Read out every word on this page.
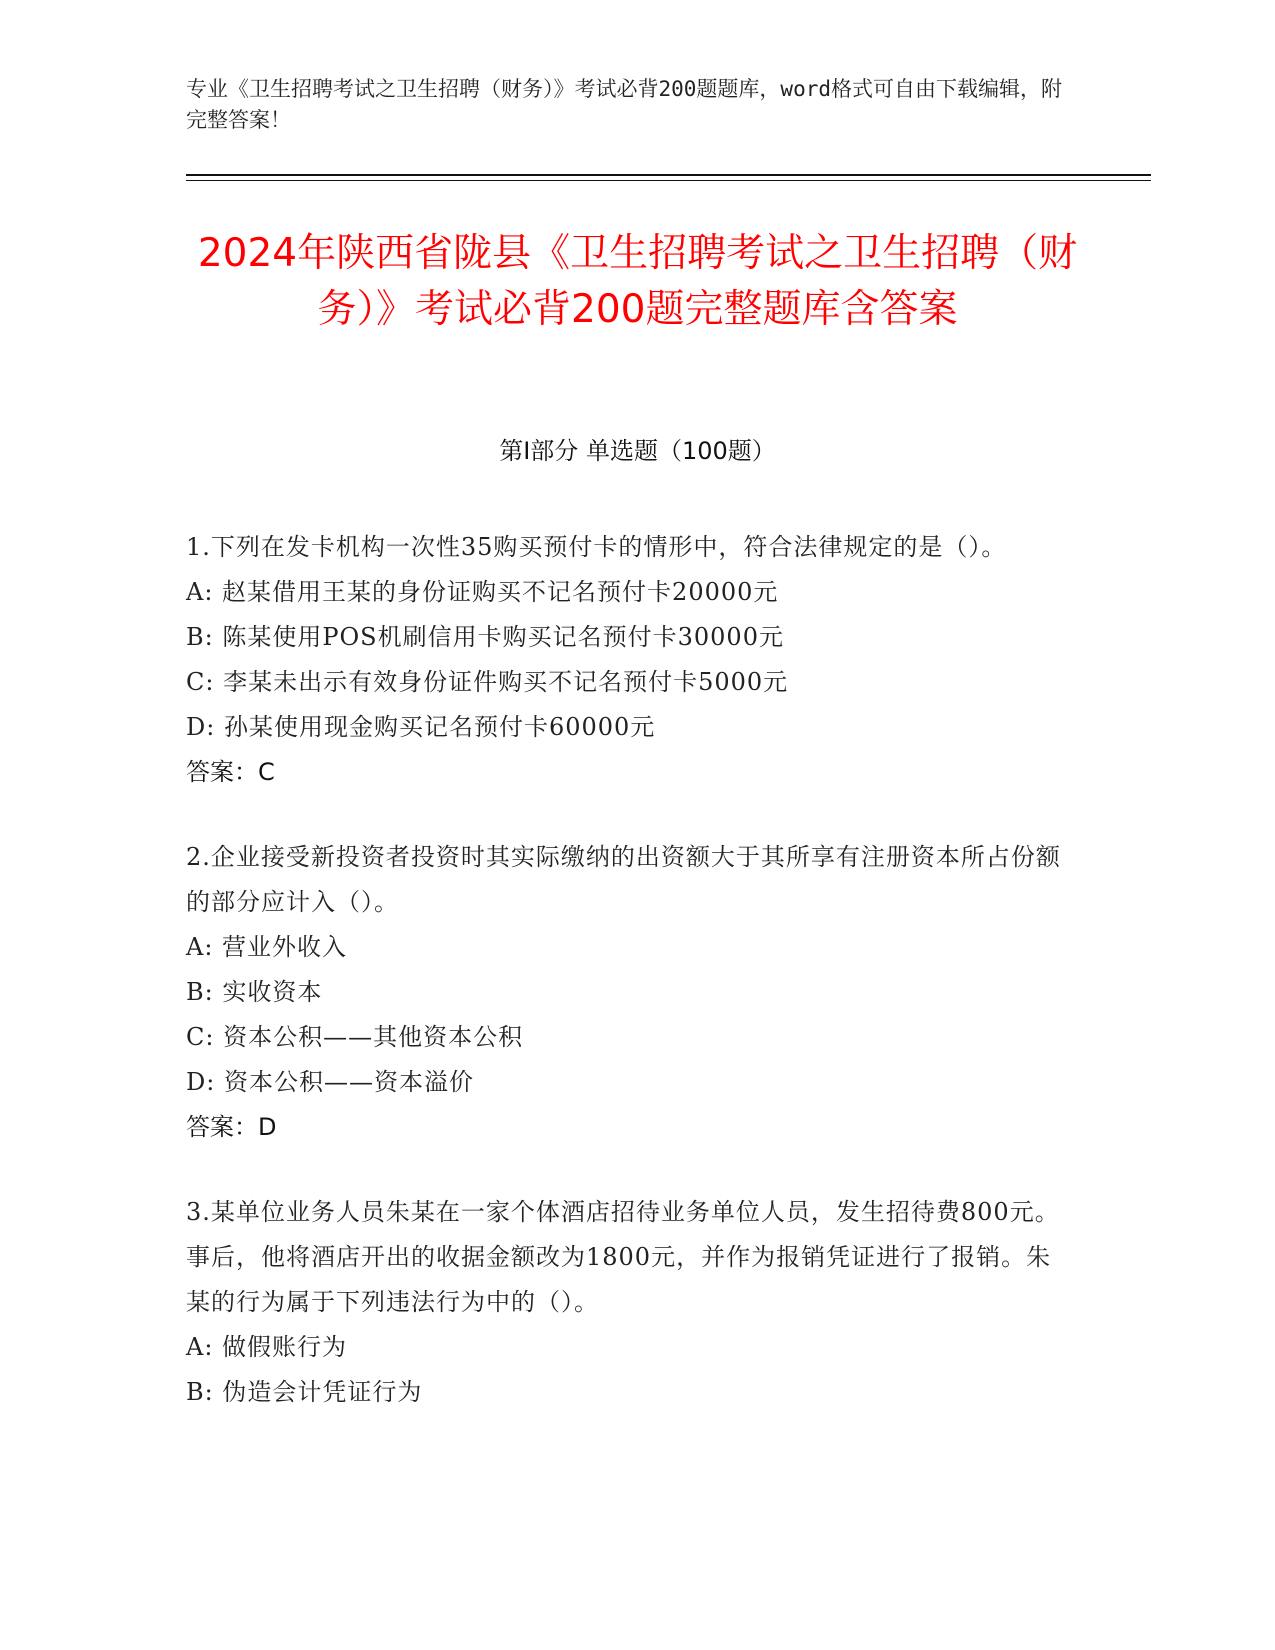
专业《卫生招聘考试之卫生招聘（财务）》考试必背200题题库，word格式可自由下载编辑，附完整答案！
2024年陕西省陇县《卫生招聘考试之卫生招聘（财务）》考试必背200题完整题库含答案
第Ⅰ部分 单选题（100题）
1.下列在发卡机构一次性35购买预付卡的情形中，符合法律规定的是（）。
A: 赵某借用王某的身份证购买不记名预付卡20000元
B: 陈某使用POS机刷信用卡购买记名预付卡30000元
C: 李某未出示有效身份证件购买不记名预付卡5000元
D: 孙某使用现金购买记名预付卡60000元
答案：C
2.企业接受新投资者投资时其实际缴纳的出资额大于其所享有注册资本所占份额的部分应计入（）。
A: 营业外收入
B: 实收资本
C: 资本公积——其他资本公积
D: 资本公积——资本溢价
答案：D
3.某单位业务人员朱某在一家个体酒店招待业务单位人员，发生招待费800元。事后，他将酒店开出的收据金额改为1800元，并作为报销凭证进行了报销。朱某的行为属于下列违法行为中的（）。
A: 做假账行为
B: 伪造会计凭证行为
